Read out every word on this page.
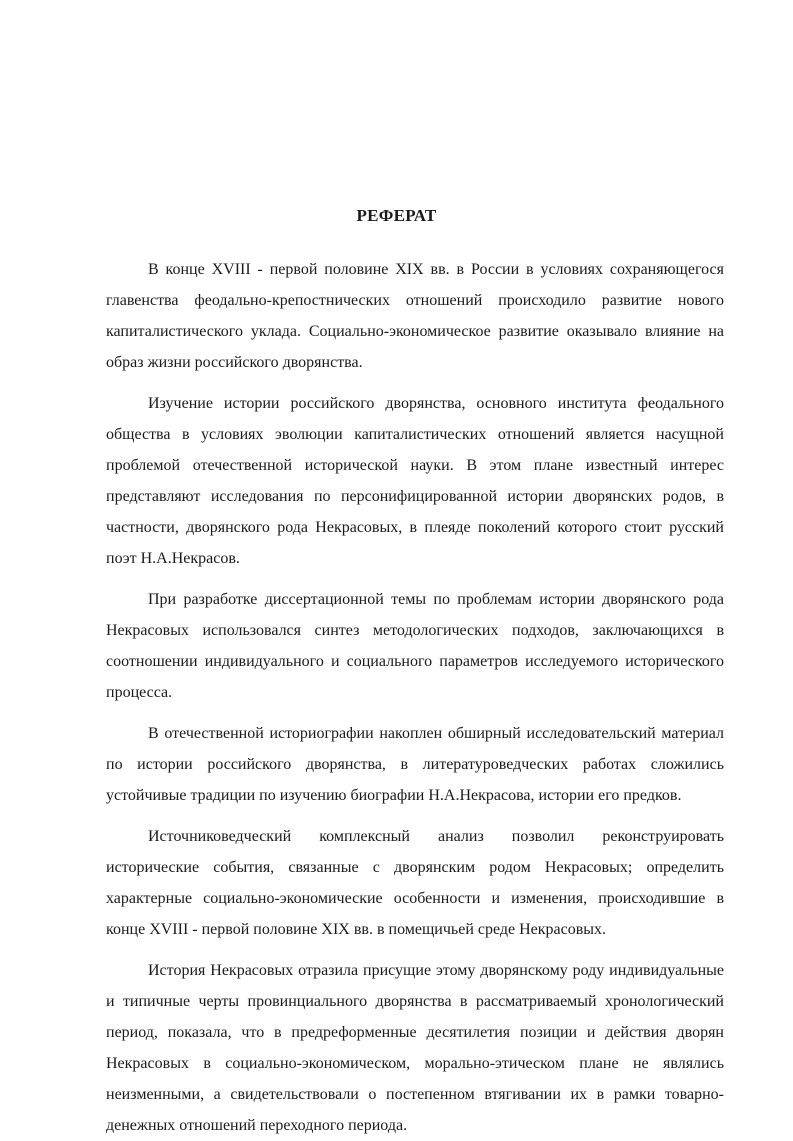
РЕФЕРАТ

В конце XVIII - первой половине XIX вв. в России в условиях сохраняющегося главенства феодально-крепостнических отношений происходило развитие нового капиталистического уклада. Социально-экономическое развитие оказывало влияние на образ жизни российского дворянства.

Изучение истории российского дворянства, основного института феодального общества в условиях эволюции капиталистических отношений является насущной проблемой отечественной исторической науки. В этом плане известный интерес представляют исследования по персонифицированной истории дворянских родов, в частности, дворянского рода Некрасовых, в плеяде поколений которого стоит русский поэт Н.А.Некрасов.

При разработке диссертационной темы по проблемам истории дворянского рода Некрасовых использовался синтез методологических подходов, заключающихся в соотношении индивидуального и социального параметров исследуемого исторического процесса.

В отечественной историографии накоплен обширный исследовательский материал по истории российского дворянства, в литературоведческих работах сложились устойчивые традиции по изучению биографии Н.А.Некрасова, истории его предков.

Источниковедческий комплексный анализ позволил реконструировать исторические события, связанные с дворянским родом Некрасовых; определить характерные социально-экономические особенности и изменения, происходившие в конце XVIII - первой половине XIX вв. в помещичьей среде Некрасовых.

История Некрасовых отразила присущие этому дворянскому роду индивидуальные и типичные черты провинциального дворянства в рассматриваемый хронологический период, показала, что в предреформенные десятилетия позиции и действия дворян Некрасовых в социально-экономическом, морально-этическом плане не являлись неизменными, а свидетельствовали о постепенном втягивании их в рамки товарно-денежных отношений переходного периода.
